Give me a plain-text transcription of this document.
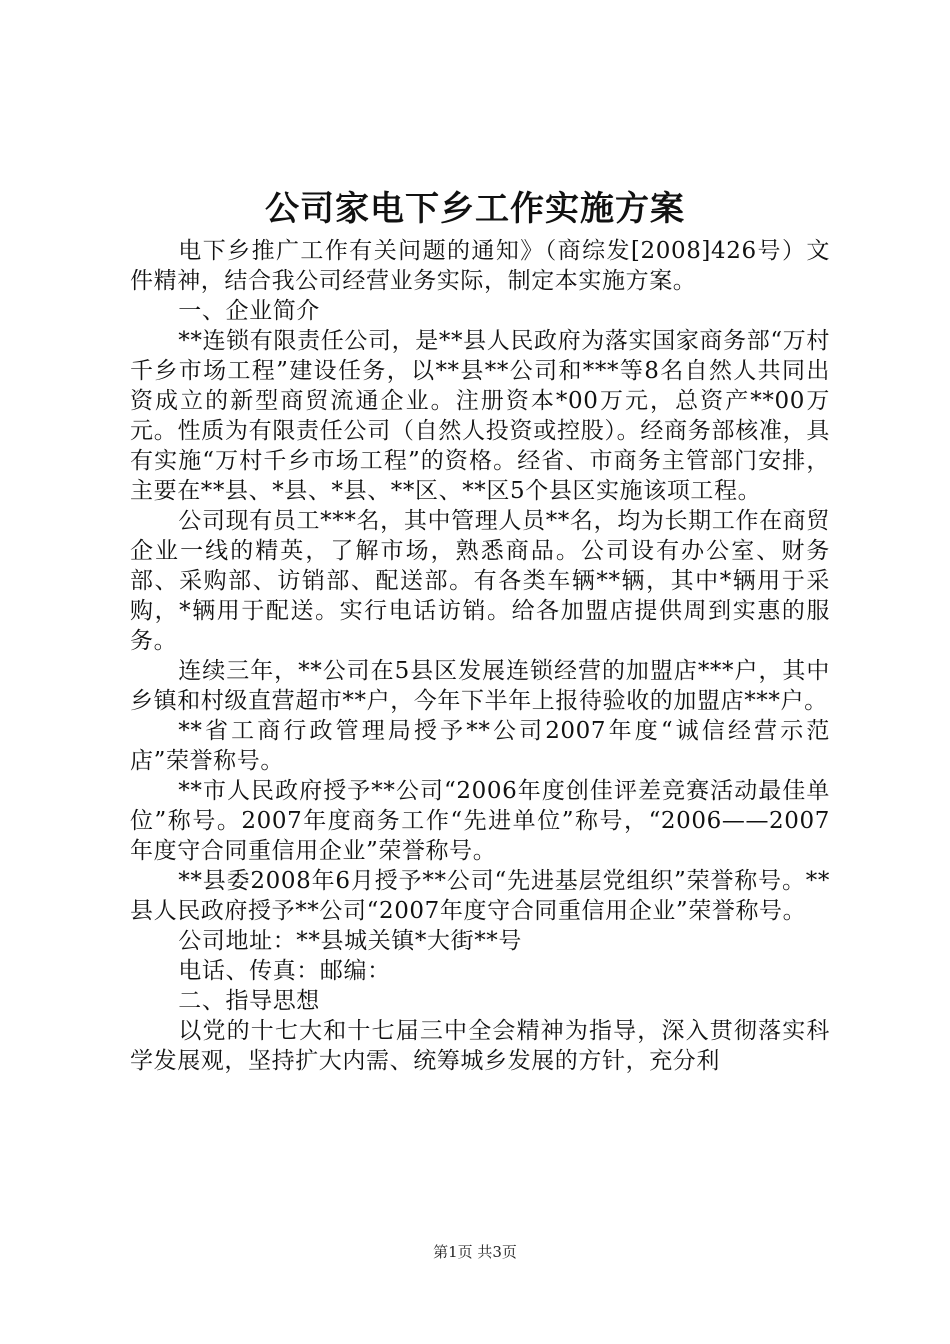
公司家电下乡工作实施方案

电下乡推广工作有关问题的通知》（商综发[2008]426号）文件精神，结合我公司经营业务实际，制定本实施方案。

一、企业简介

**连锁有限责任公司，是**县人民政府为落实国家商务部“万村千乡市场工程”建设任务，以**县**公司和***等8名自然人共同出资成立的新型商贸流通企业。注册资本*00万元，总资产**00万元。性质为有限责任公司（自然人投资或控股）。经商务部核准，具有实施“万村千乡市场工程”的资格。经省、市商务主管部门安排，主要在**县、*县、*县、**区、**区5个县区实施该项工程。

公司现有员工***名，其中管理人员**名，均为长期工作在商贸企业一线的精英，了解市场，熟悉商品。公司设有办公室、财务部、采购部、访销部、配送部。有各类车辆**辆，其中*辆用于采购，*辆用于配送。实行电话访销。给各加盟店提供周到实惠的服务。

连续三年，**公司在5县区发展连锁经营的加盟店***户，其中乡镇和村级直营超市**户，今年下半年上报待验收的加盟店***户。

**省工商行政管理局授予**公司2007年度“诚信经营示范店”荣誉称号。

**市人民政府授予**公司“2006年度创佳评差竞赛活动最佳单位”称号。2007年度商务工作“先进单位”称号，“2006——2007年度守合同重信用企业”荣誉称号。

**县委2008年6月授予**公司“先进基层党组织”荣誉称号。**县人民政府授予**公司“2007年度守合同重信用企业”荣誉称号。

公司地址：**县城关镇*大街**号

电话、传真：邮编：

二、指导思想

以党的十七大和十七届三中全会精神为指导，深入贯彻落实科学发展观，坚持扩大内需、统筹城乡发展的方针，充分利

第1页 共3页
